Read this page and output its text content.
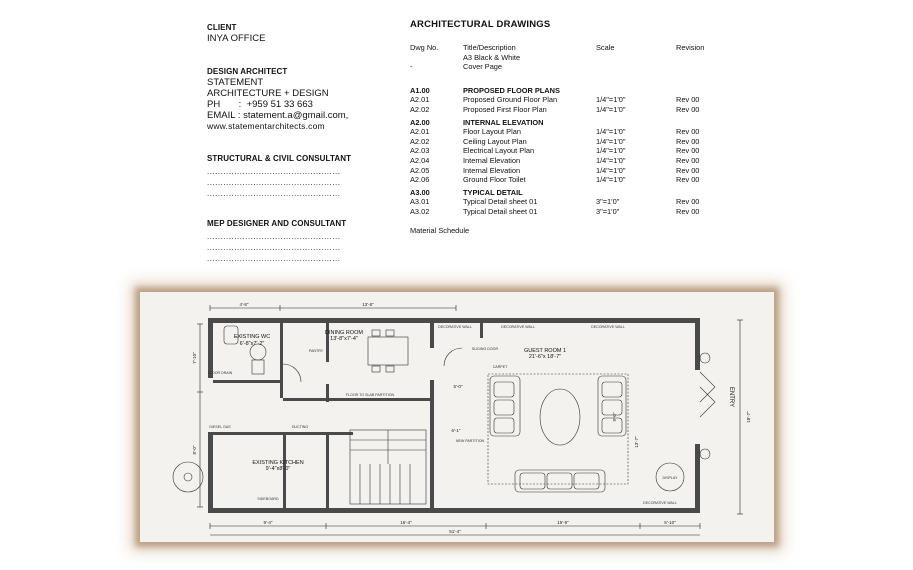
CLIENT
INYA OFFICE
DESIGN ARCHITECT
STATEMENT
ARCHITECTURE + DESIGN
PH       :  +959 51 33 663
EMAIL : statement.a@gmail.com,
www.statementarchitects.com
STRUCTURAL & CIVIL CONSULTANT
.................................................
.................................................
.................................................
MEP DESIGNER AND CONSULTANT
.................................................
.................................................
.................................................
ARCHITECTURAL DRAWINGS
Dwg No.	Title/Description	Scale	Revision
	A3 Black & White		
-	Cover Page		

A1.00	PROPOSED FLOOR PLANS		
A2.01	Proposed Ground Floor Plan	1/4"=1'0"	Rev 00
A2.02	Proposed First Floor Plan	1/4"=1'0"	Rev 00

A2.00	INTERNAL ELEVATION		
A2.01	Floor Layout Plan	1/4"=1'0"	Rev 00
A2.02	Ceiling Layout Plan	1/4"=1'0"	Rev 00
A2.03	Electrical Layout Plan	1/4"=1'0"	Rev 00
A2.04	Internal Elevation	1/4"=1'0"	Rev 00
A2.05	Internal Elevation	1/4"=1'0"	Rev 00
A2.06	Ground Floor Toilet	1/4"=1'0"	Rev 00

A3.00	TYPICAL DETAIL		
A3.01	Typical Detail sheet 01	3"=1'0"	Rev 00
A3.02	Typical Detail sheet 01	3"=1'0"	Rev 00

Material Schedule			
EXISTING WC
6'-8"x7'-2"
DINING ROOM
13'-8"x7'-4"
GUEST ROOM 1
21'-6"x 18'-7"
EXISTING KITCHEN
9'-4"x8'-0"
FLOOR TO SLAB PARTITION
DECORATIVE WALL	DECORATIVE WALL	DECORATIVE WALL
DECORATIVE WALL
PANTRY
CARPET
NEW PARTITION
DISPLAY
FLOOR DRAIN
DUCTING
SIDEBOARD
DIESEL GAS
SLIDING DOOR
ENTRY
4'-8"	13'-8"
9'-4"	16'-4"	15'-9"	5'-10"
51'-4"
18'-7"
7'-10"
8'-0"
9'-0"
13'-7"
5'-0"
6'-1"
